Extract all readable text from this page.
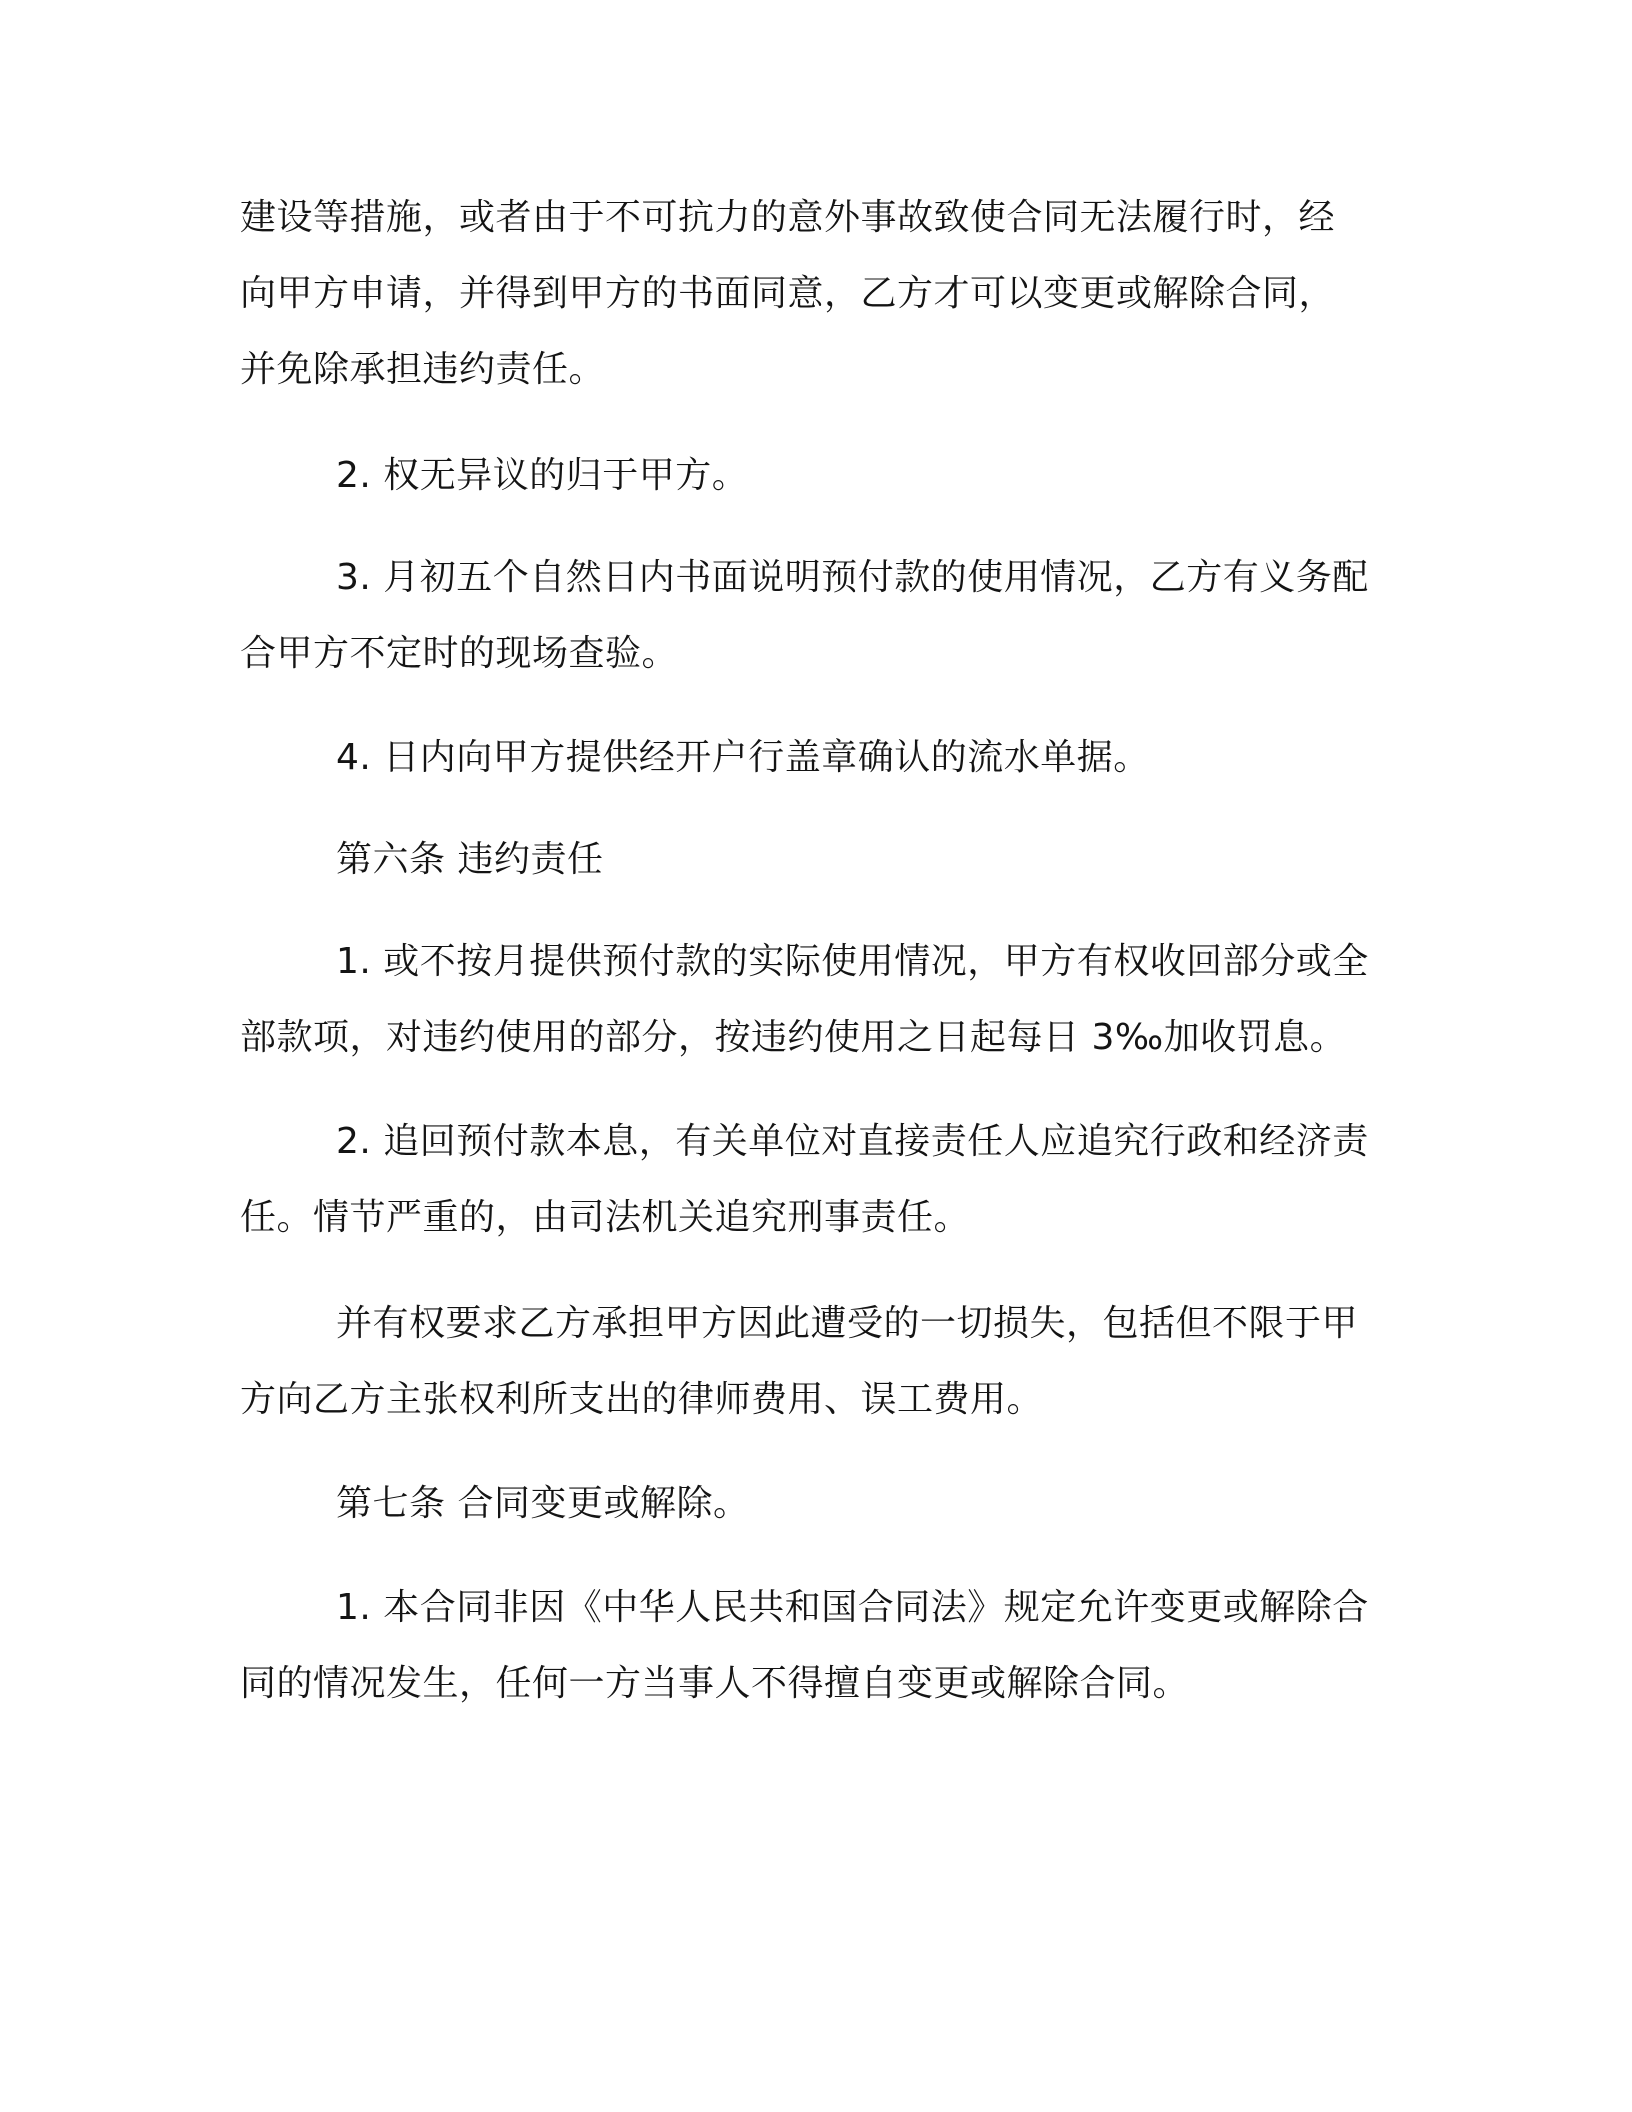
建设等措施，或者由于不可抗力的意外事故致使合同无法履行时，经
向甲方申请，并得到甲方的书面同意，乙方才可以变更或解除合同，
并免除承担违约责任。
2. 权无异议的归于甲方。
3. 月初五个自然日内书面说明预付款的使用情况，乙方有义务配
合甲方不定时的现场查验。
4. 日内向甲方提供经开户行盖章确认的流水单据。
第六条 违约责任
1. 或不按月提供预付款的实际使用情况，甲方有权收回部分或全
部款项，对违约使用的部分，按违约使用之日起每日 3‰加收罚息。
2. 追回预付款本息，有关单位对直接责任人应追究行政和经济责
任。情节严重的，由司法机关追究刑事责任。
并有权要求乙方承担甲方因此遭受的一切损失，包括但不限于甲
方向乙方主张权利所支出的律师费用、误工费用。
第七条 合同变更或解除。
1. 本合同非因《中华人民共和国合同法》规定允许变更或解除合
同的情况发生，任何一方当事人不得擅自变更或解除合同。
